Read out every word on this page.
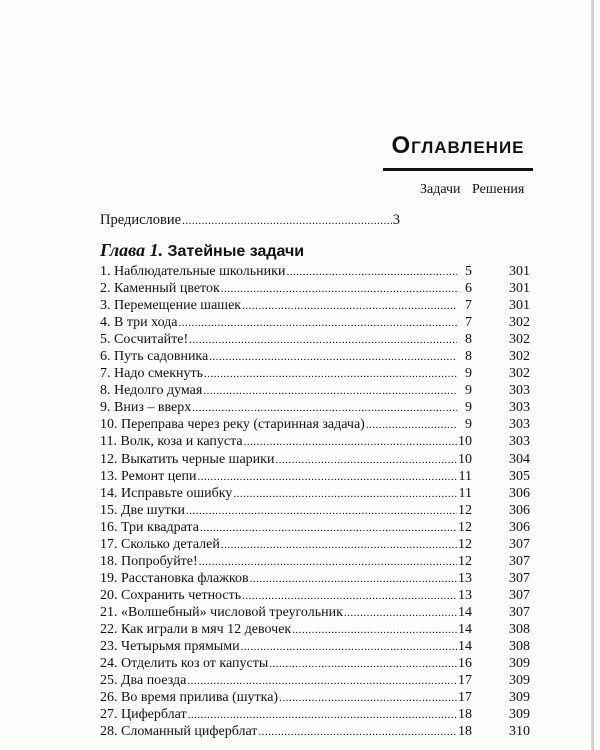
Оглавление
Задачи Решения
Предисловие .....	3
Глава 1. Затейные задачи
1. Наблюдательные школьники .....	5	301
2. Каменный цветок .....	6	301
3. Перемещение шашек .....	7	301
4. В три хода .....	7	302
5. Сосчитайте! .....	8	302
6. Путь садовника .....	8	302
7. Надо смекнуть .....	9	302
8. Недолго думая .....	9	303
9. Вниз – вверх .....	9	303
10. Переправа через реку (старинная задача) .....	9	303
11. Волк, коза и капуста .....	10	303
12. Выкатить черные шарики .....	10	304
13. Ремонт цепи .....	11	305
14. Исправьте ошибку .....	11	306
15. Две шутки .....	12	306
16. Три квадрата .....	12	306
17. Сколько деталей .....	12	307
18. Попробуйте! .....	12	307
19. Расстановка флажков .....	13	307
20. Сохранить четность .....	13	307
21. «Волшебный» числовой треугольник .....	14	307
22. Как играли в мяч 12 девочек .....	14	308
23. Четырьмя прямыми .....	14	308
24. Отделить коз от капусты .....	16	309
25. Два поезда .....	17	309
26. Во время прилива (шутка) .....	17	309
27. Циферблат .....	18	309
28. Сломанный циферблат .....	18	310
